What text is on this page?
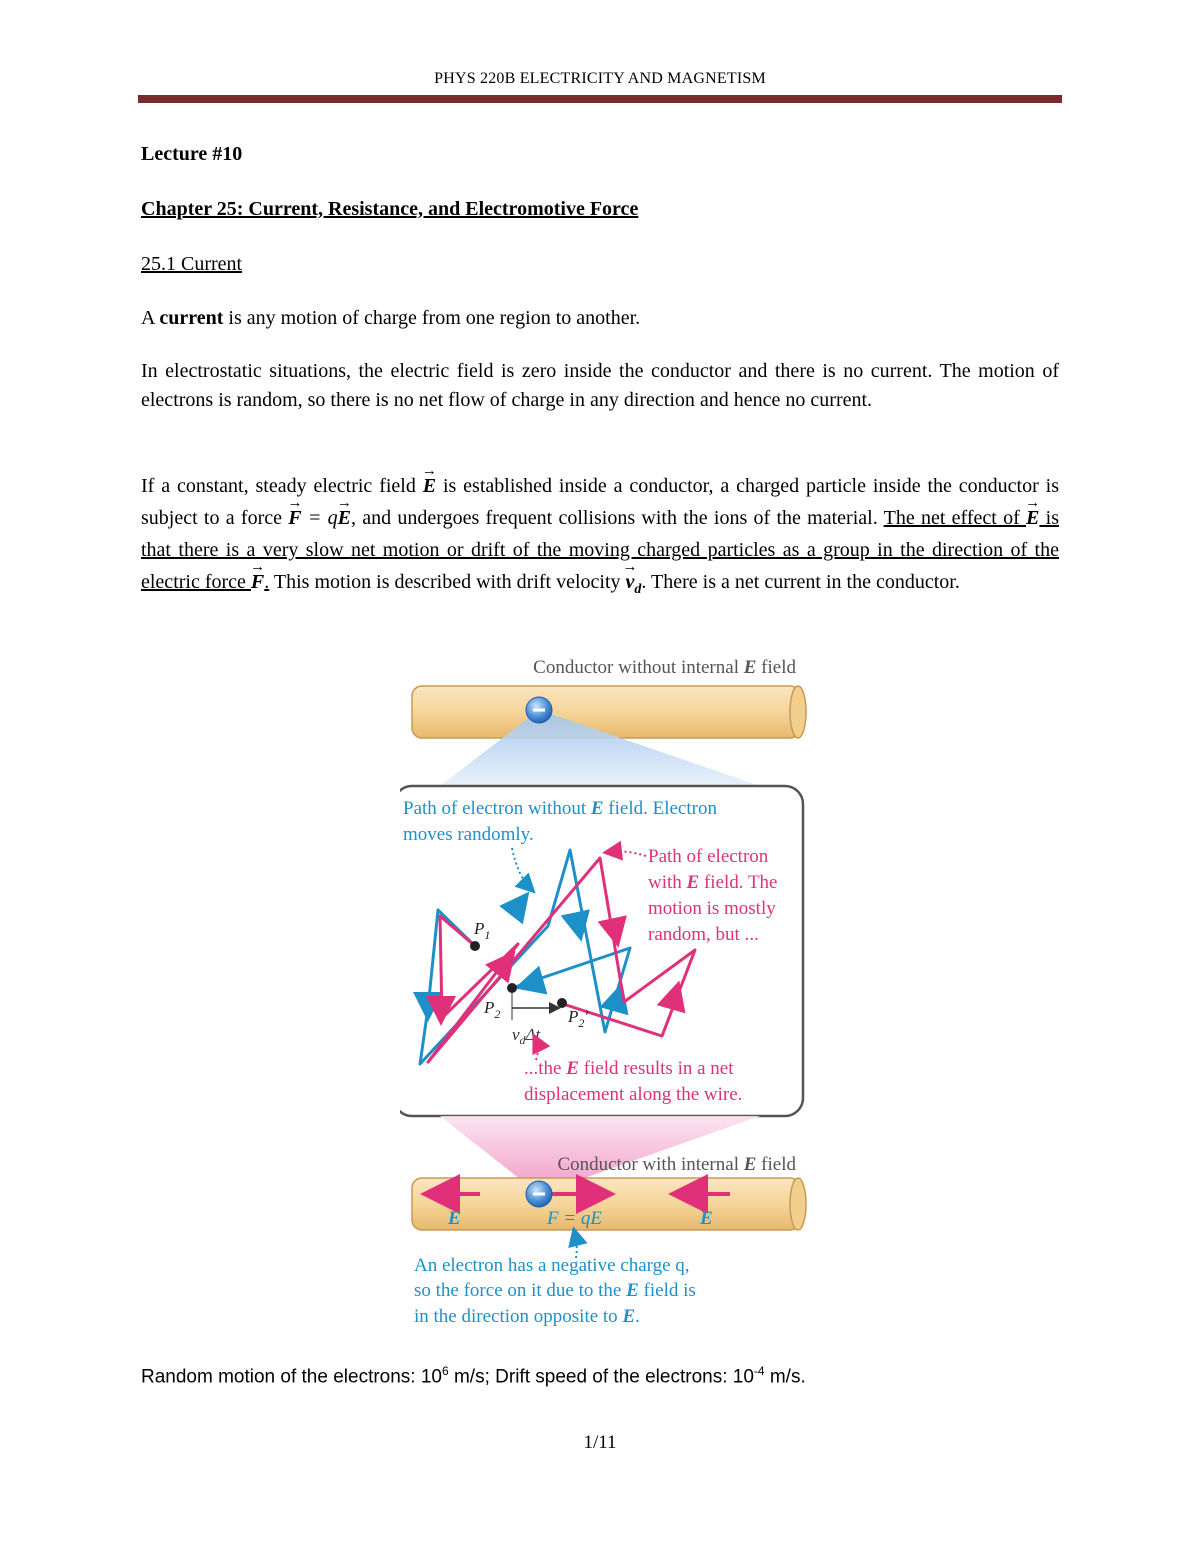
PHYS 220B ELECTRICITY AND MAGNETISM
Lecture #10
Chapter 25: Current, Resistance, and Electromotive Force
25.1 Current
A current is any motion of charge from one region to another.
In electrostatic situations, the electric field is zero inside the conductor and there is no current. The motion of electrons is random, so there is no net flow of charge in any direction and hence no current.
If a constant, steady electric field → E is established inside a conductor, a charged particle inside the conductor is subject to a force → F = q→ E, and undergoes frequent collisions with the ions of the material. The net effect of → E is that there is a very slow net motion or drift of the moving charged particles as a group in the direction of the electric force → F. This motion is described with drift velocity → $v_d$. There is a net current in the conductor.
Conductor without internal E field
Path of electron without E field. Electron
moves randomly.
Path of electron
with E field. The
motion is mostly
random, but ...
$P_1$
$P_2$	$P_2'$
$v_d\Delta t$
...the E field results in a net
displacement along the wire.
Conductor with internal E field
E	F = qE	E
An electron has a negative charge q,
so the force on it due to the E field is
in the direction opposite to E.
Random motion of the electrons: $10^6$ m/s; Drift speed of the electrons: $10^{-4}$ m/s.
1/11
